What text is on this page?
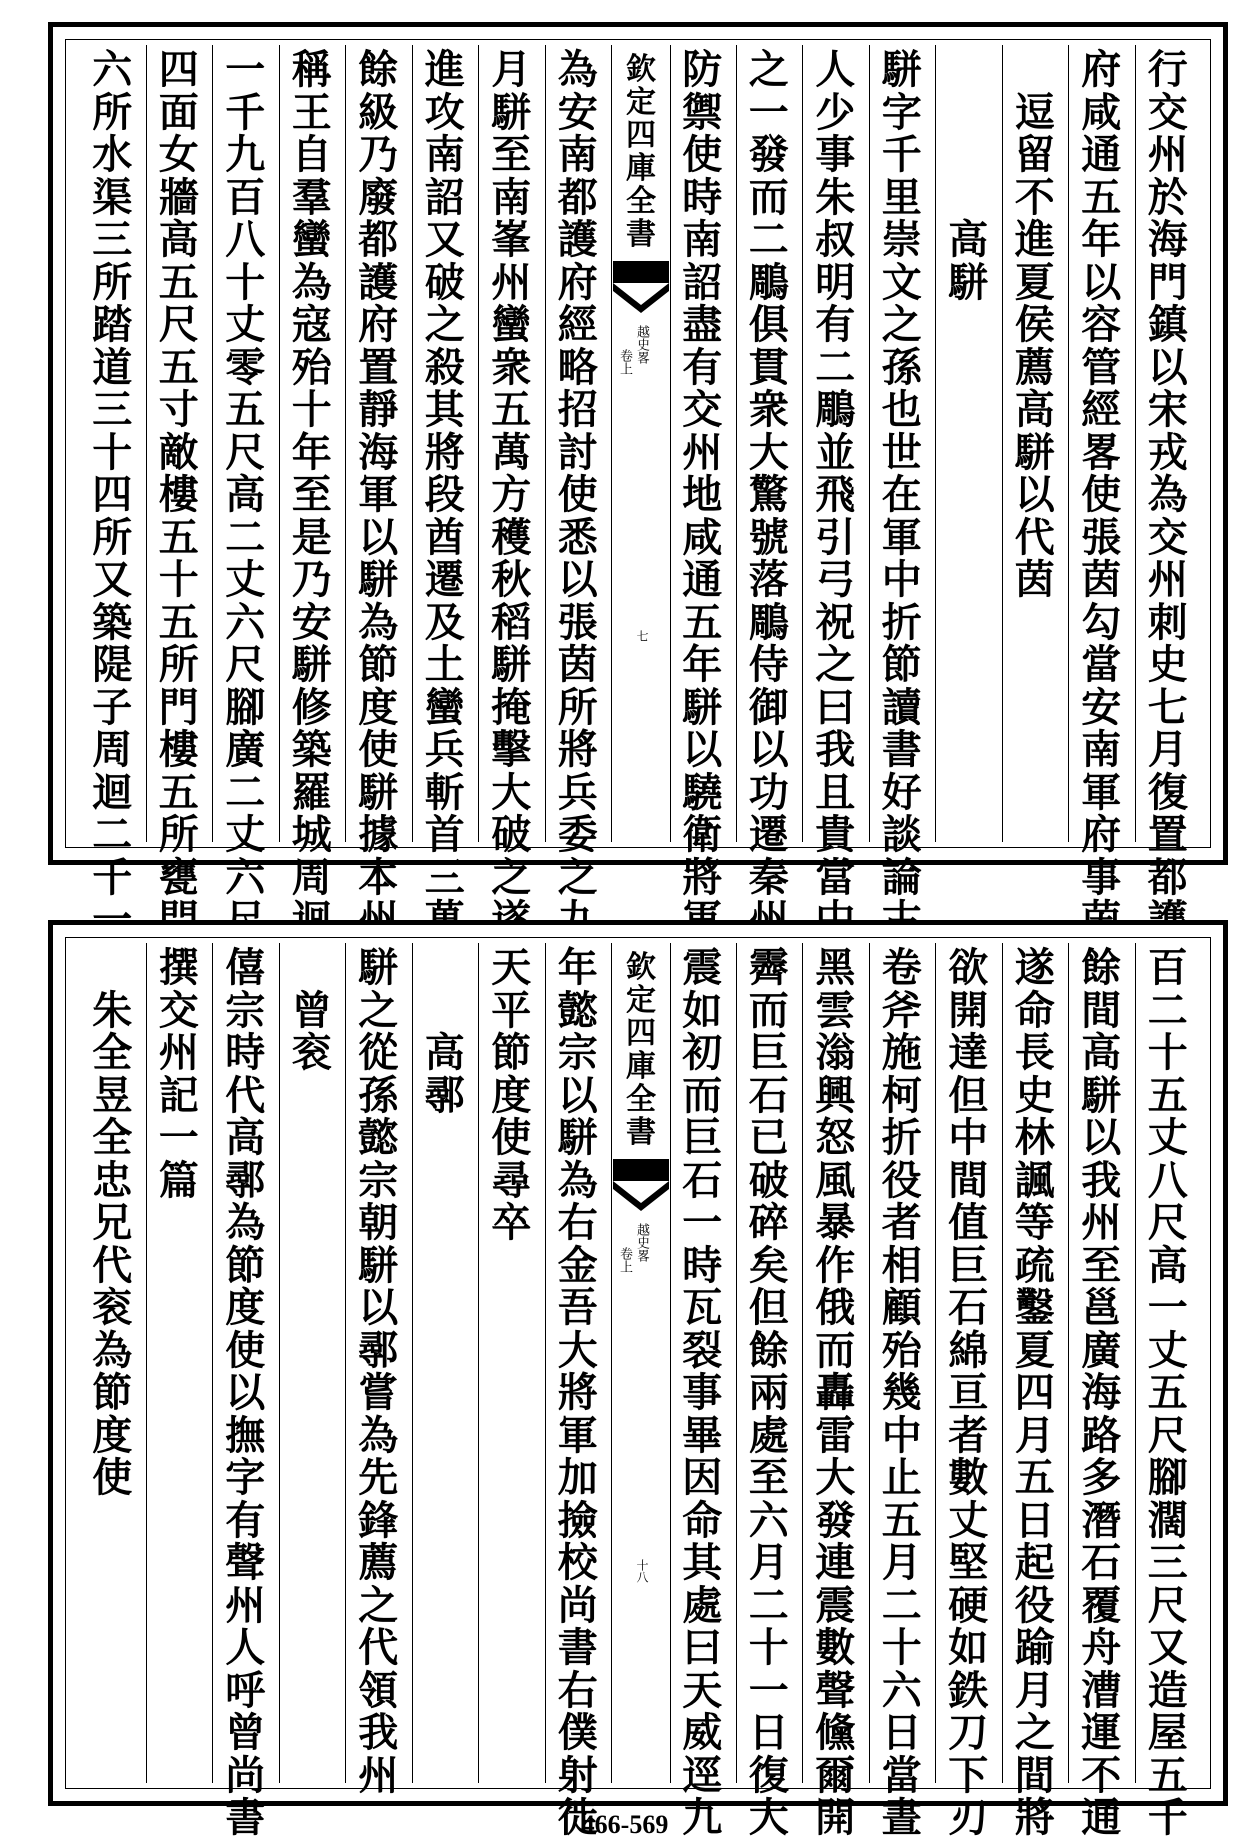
行
交
州
於
海
門
鎮
以
宋
戎
為
交
州
刺
史
七
月
復
置
都
府
咸
通
五
年
以
容
管
經
畧
使
張
茵
勾
當
安
南
軍
府
事

逗
留
不
進
夏
侯
薦
高
駢
以
代
茵

高
駢
駢
字
千
里
崇
文
之
孫
也
世
在
軍
中
折
節
讀
書
好
談
論
人
少
事
朱
叔
明
有
二
鵰
並
飛
引
弓
祝
之
曰
我
且
貴
當
之
一
發
而
二
鵰
俱
貫
衆
大
驚
號
落
鵰
侍
御
以
功
遷
秦
防
禦
使
時
南
詔
盡
有
交
州
地
咸
通
五
年
駢
以
驍
衛
將
欽
定
四
庫
全
書
越史畧
卷上
七
為
安
南
都
護
府
經
略
招
討
使
悉
以
張
茵
所
將
兵
委
之
月
駢
至
南
峯
州
蠻
衆
五
萬
方
穫
秋
稻
駢
掩
擊
大
破
之
進
攻
南
詔
又
破
之
殺
其
將
段
酋
遷
及
土
蠻
兵
斬
首
三
餘
級
乃
廢
都
護
府
置
靜
海
軍
以
駢
為
節
度
使
駢
據
本
稱
王
自
羣
蠻
為
寇
殆
十
年
至
是
乃
安
駢
修
築
羅
城
周
一
千
九
百
八
十
丈
零
五
尺
高
二
丈
六
尺
腳
廣
二
丈
六
四
面
女
牆
高
五
尺
五
寸
敵
樓
五
十
五
所
門
樓
五
所
甕
六
所
水
渠
三
所
踏
道
三
十
四
所
又
築
隄
子
周
迴
二
千
百
二
十
五
丈
八
尺
高
一
丈
五
尺
腳
濶
三
尺
又
造
屋
五
千
餘
間
高
駢
以
我
州
至
邕
廣
海
路
多
潛
石
覆
舟
漕
運
不
通
遂
命
長
史
林
諷
等
疏
鑿
夏
四
月
五
日
起
役
踰
月
之
間
將
欲
開
達
但
中
間
值
巨
石
綿
亘
者
數
丈
堅
硬
如
鉄
刀
下
刃
卷
斧
施
柯
折
役
者
相
顧
殆
幾
中
止
五
月
二
十
六
日
當
晝
黑
雲
滃
興
怒
風
暴
作
俄
而
轟
雷
大
發
連
震
數
聲
儵
爾
開
霽
而
巨
石
已
破
碎
矣
但
餘
兩
處
至
六
月
二
十
一
日
復
大
震
如
初
而
巨
石
一
時
瓦
裂
事
畢
因
命
其
處
曰
天
威
逕
九
欽
定
四
庫
全
書
越史畧
卷上
十八
年
懿
宗
以
駢
為
右
金
吾
大
將
軍
加
撿
校
尚
書
右
僕
射
徙
天
平
節
度
使
尋
卒

高
鄩
駢
之
從
孫
懿
宗
朝
駢
以
鄩
嘗
為
先
鋒
薦
之
代
領
我
州

曾
衮
僖
宗
時
代
高
鄩
為
節
度
使
以
撫
字
有
聲
州
人
呼
曾
尚
書
撰
交
州
記
一
篇

朱
全
昱
全
忠
兄
代
衮
為
節
度
使
466-569
